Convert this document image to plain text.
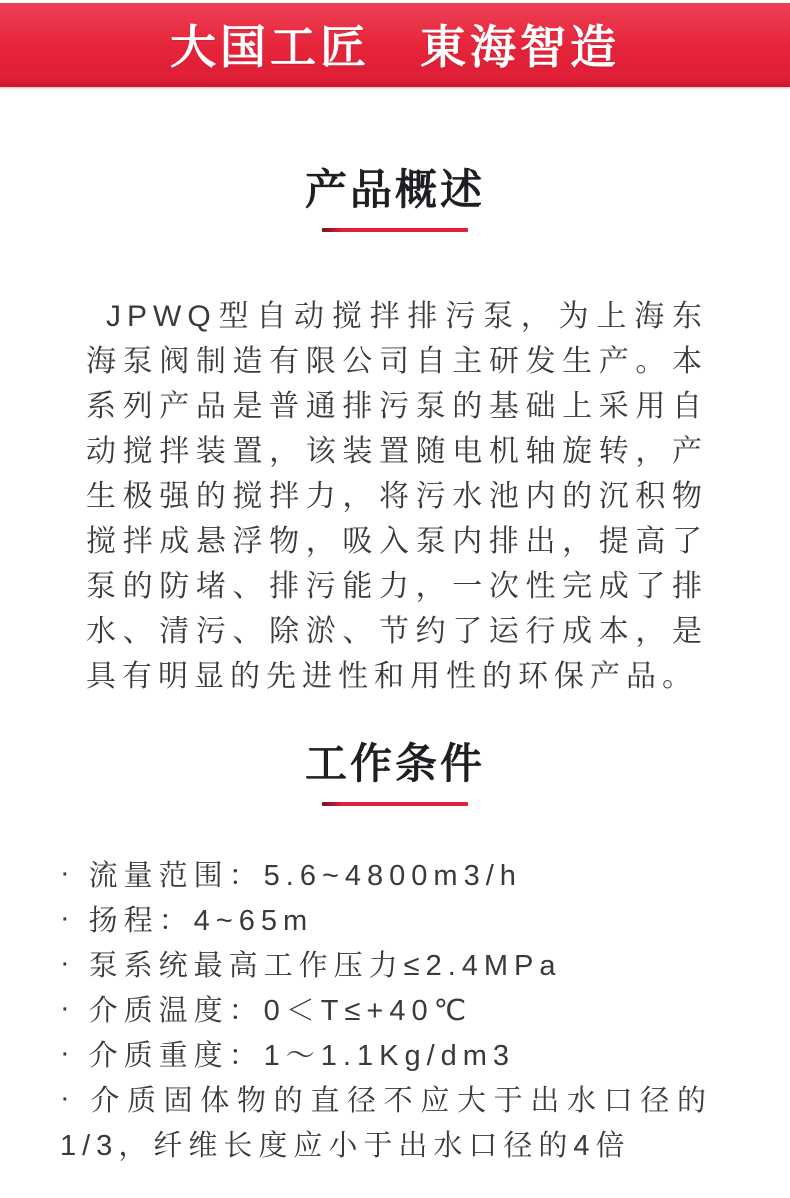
大国工匠　東海智造
产品概述

JPWQ型自动搅拌排污泵，为上海东海泵阀制造有限公司自主研发生产。本系列产品是普通排污泵的基础上采用自动搅拌装置，该装置随电机轴旋转，产生极强的搅拌力，将污水池内的沉积物搅拌成悬浮物，吸入泵内排出，提高了泵的防堵、排污能力，一次性完成了排水、清污、除淤、节约了运行成本，是具有明显的先进性和用性的环保产品。

工作条件
· 流量范围：5.6~4800m3/h
· 扬程：4~65m
· 泵系统最高工作压力≤2.4MPa
· 介质温度：0＜T≤+40℃
· 介质重度：1～1.1Kg/dm3
· 介质固体物的直径不应大于出水口径的1/3，纤维长度应小于出水口径的4倍
